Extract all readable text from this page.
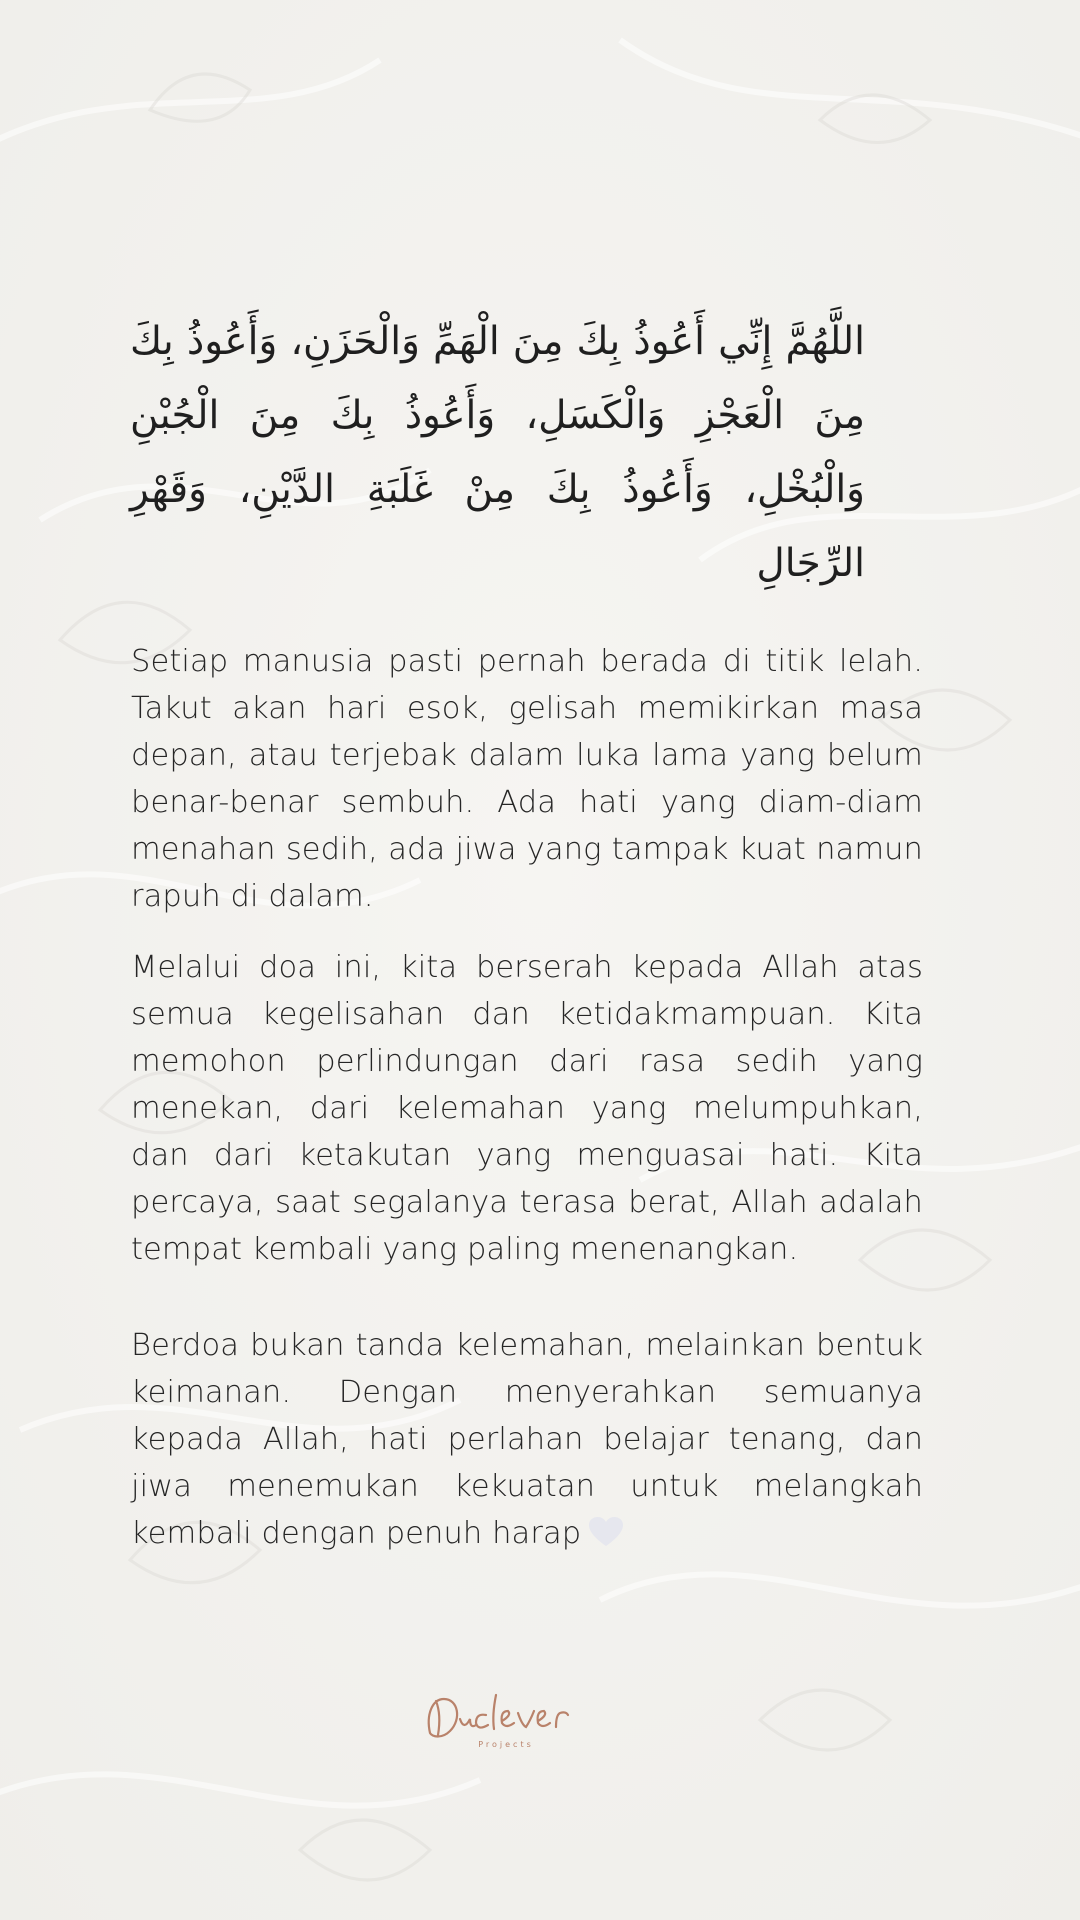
اللَّهُمَّ إِنِّي أَعُوذُ بِكَ مِنَ الْهَمِّ وَالْحَزَنِ، وَأَعُوذُ بِكَ مِنَ الْعَجْزِ وَالْكَسَلِ، وَأَعُوذُ بِكَ مِنَ الْجُبْنِ وَالْبُخْلِ، وَأَعُوذُ بِكَ مِنْ غَلَبَةِ الدَّيْنِ، وَقَهْرِ الرِّجَالِ

Setiap manusia pasti pernah berada di titik lelah. Takut akan hari esok, gelisah memikirkan masa depan, atau terjebak dalam luka lama yang belum benar-benar sembuh. Ada hati yang diam-diam menahan sedih, ada jiwa yang tampak kuat namun rapuh di dalam.

Melalui doa ini, kita berserah kepada Allah atas semua kegelisahan dan ketidakmampuan. Kita memohon perlindungan dari rasa sedih yang menekan, dari kelemahan yang melumpuhkan, dan dari ketakutan yang menguasai hati. Kita percaya, saat segalanya terasa berat, Allah adalah tempat kembali yang paling menenangkan.

Berdoa bukan tanda kelemahan, melainkan bentuk keimanan. Dengan menyerahkan semuanya kepada Allah, hati perlahan belajar tenang, dan jiwa menemukan kekuatan untuk melangkah kembali dengan penuh harap

Projects
